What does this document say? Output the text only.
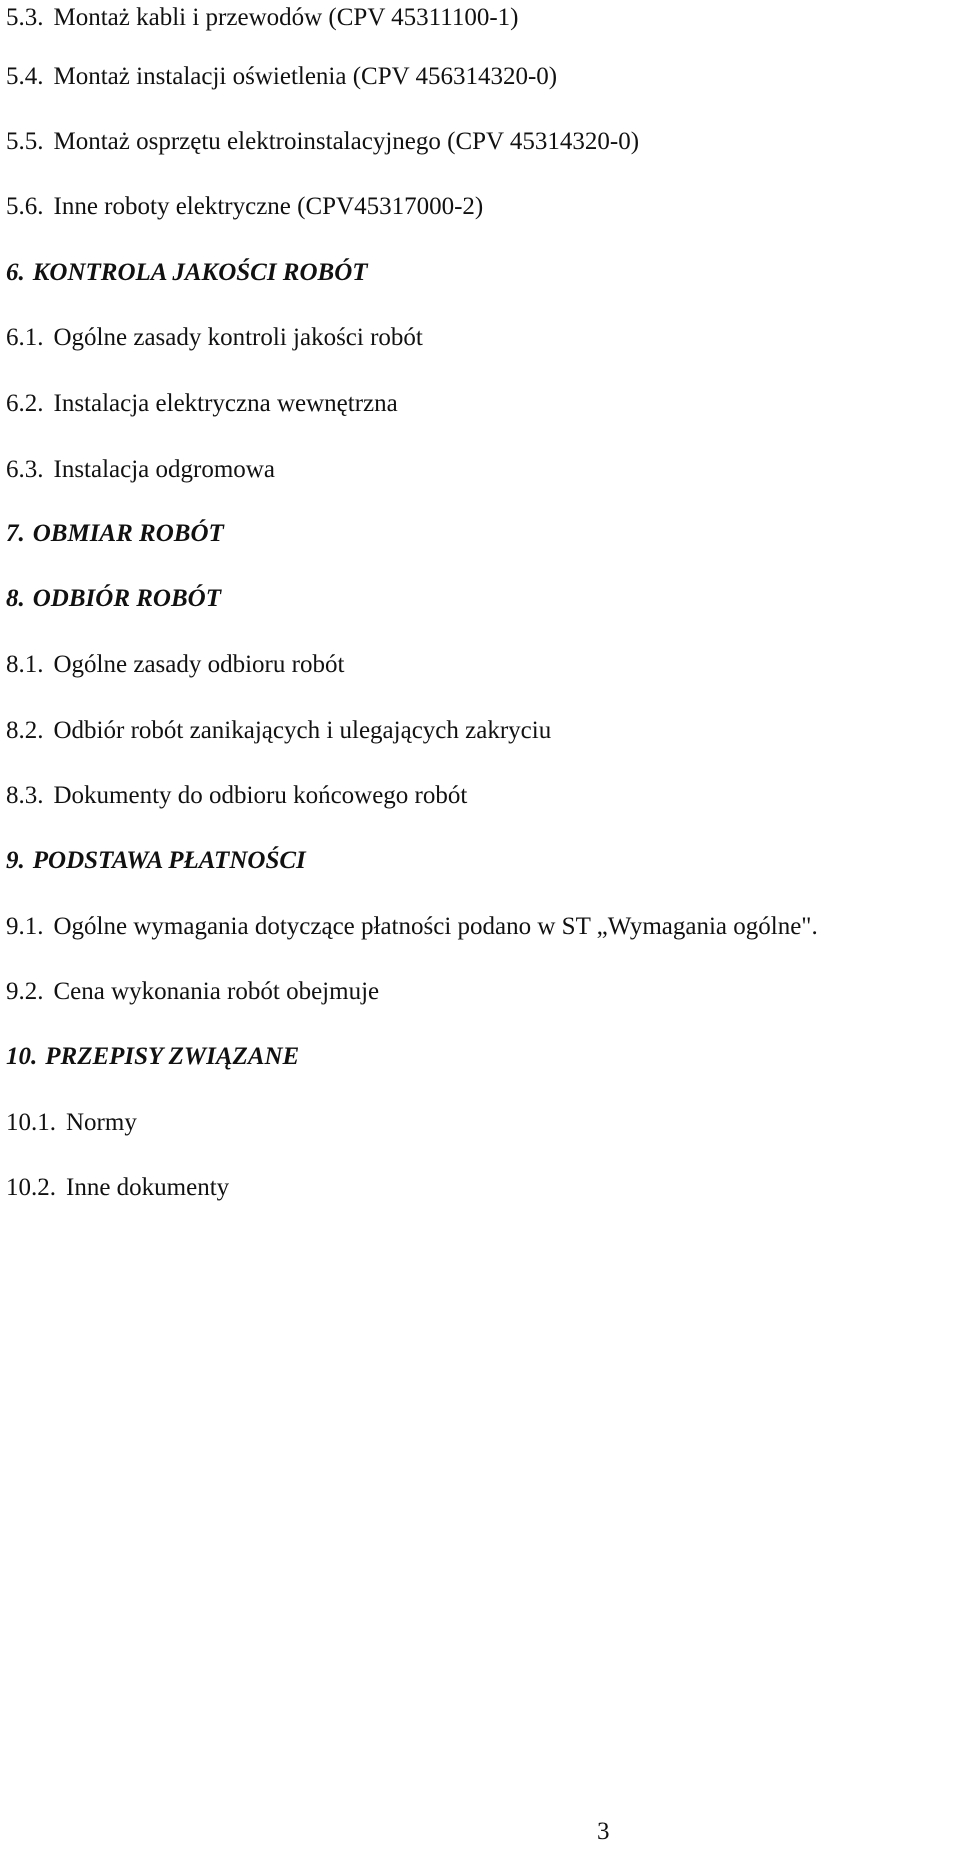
5.3. Montaż kabli i przewodów (CPV 45311100-1)
5.4. Montaż instalacji oświetlenia (CPV 456314320-0)
5.5. Montaż osprzętu elektroinstalacyjnego (CPV 45314320-0)
5.6. Inne roboty elektryczne (CPV45317000-2)
6. KONTROLA JAKOŚCI ROBÓT
6.1. Ogólne zasady kontroli jakości robót
6.2. Instalacja elektryczna wewnętrzna
6.3. Instalacja odgromowa
7. OBMIAR ROBÓT
8. ODBIÓR ROBÓT
8.1. Ogólne zasady odbioru robót
8.2. Odbiór robót zanikających i ulegających zakryciu
8.3. Dokumenty do odbioru końcowego robót
9. PODSTAWA PŁATNOŚCI
9.1. Ogólne wymagania dotyczące płatności podano w ST „Wymagania ogólne".
9.2. Cena wykonania robót obejmuje
10. PRZEPISY ZWIĄZANE
10.1. Normy
10.2. Inne dokumenty
3
